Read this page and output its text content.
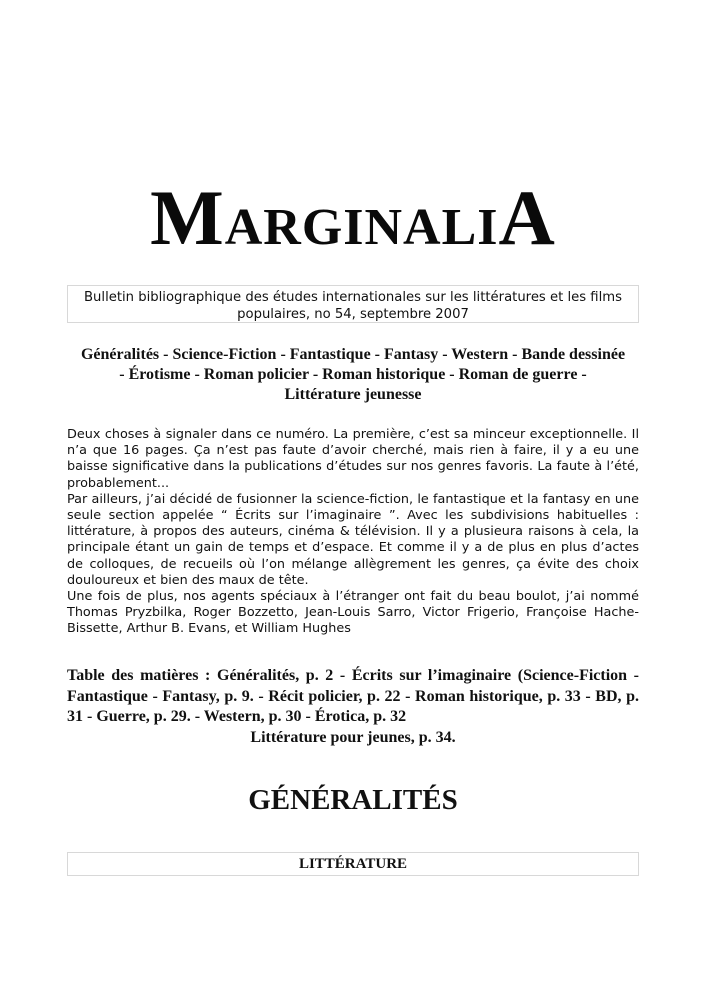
MARGINALIA
Bulletin bibliographique des études internationales sur les littératures et les films populaires, no 54, septembre 2007
Généralités - Science-Fiction - Fantastique - Fantasy - Western - Bande dessinée
- Érotisme - Roman policier - Roman historique - Roman de guerre -
Littérature jeunesse

Deux choses à signaler dans ce numéro. La première, c’est sa minceur exceptionnelle. Il n’a que 16 pages. Ça n’est pas faute d’avoir cherché, mais rien à faire, il y a eu une baisse significative dans la publications d’études sur nos genres favoris. La faute à l’été, probablement...

Par ailleurs, j’ai décidé de fusionner la science-fiction, le fantastique et la fantasy en une seule section appelée “ Écrits sur l’imaginaire ”. Avec les subdivisions habituelles : littérature, à propos des auteurs, cinéma & télévision. Il y a plusieura raisons à cela, la principale étant un gain de temps et d’espace. Et comme il y a de plus en plus d’actes de colloques, de recueils où l’on mélange allègrement les genres, ça évite des choix douloureux et bien des maux de tête.

Une fois de plus, nos agents spéciaux à l’étranger ont fait du beau boulot, j’ai nommé Thomas Pryzbilka, Roger Bozzetto, Jean-Louis Sarro, Victor Frigerio, Françoise Hache-Bissette, Arthur B. Evans, et William Hughes

Table des matières : Généralités, p. 2 - Écrits sur l’imaginaire (Science-Fiction - Fantastique - Fantasy, p. 9. - Récit policier, p. 22 - Roman historique, p. 33 - BD, p. 31 - Guerre, p. 29. - Western, p. 30 - Érotica, p. 32
Littérature pour jeunes, p. 34.
GÉNÉRALITÉS
LITTÉRATURE
